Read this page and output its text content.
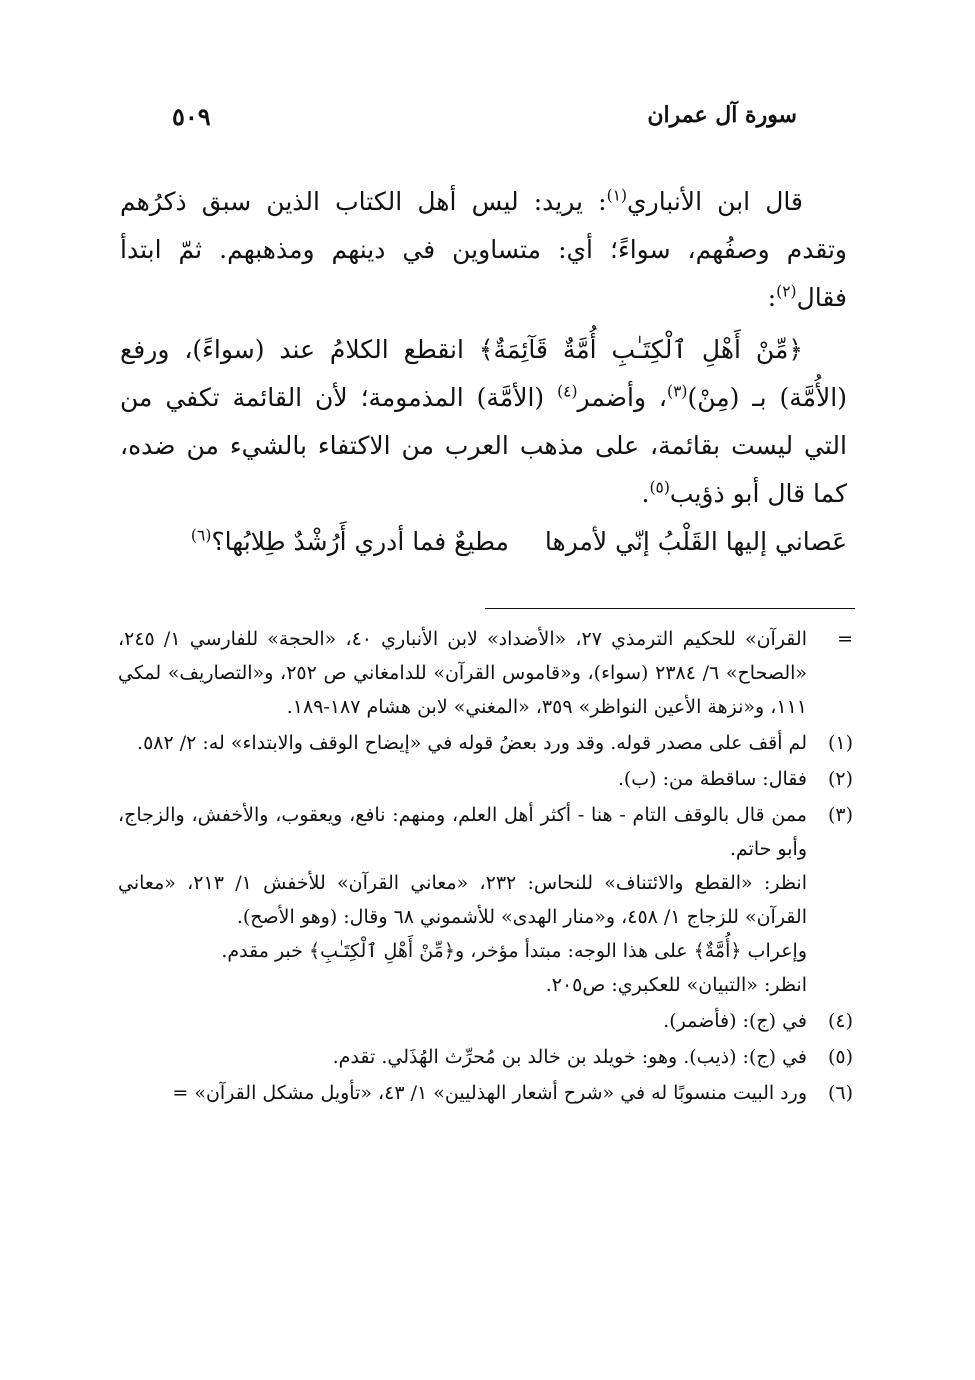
سورة آل عمران
٥٠٩

قال ابن الأنباري$^{(١)}$: يريد: ليس أهل الكتاب الذين سبق ذكرُهم وتقدم وصفُهم، سواءً؛ أي: متساوين في دينهم ومذهبهم. ثمّ ابتدأ فقال$^{(٢)}$:

﴿مِّنْ أَهْلِ ٱلْكِتَـٰبِ أُمَّةٌ قَآئِمَةٌ﴾ انقطع الكلامُ عند (سواءً)، ورفع (الأُمَّة) بـ (مِنْ)$^{(٣)}$، وأضمر$^{(٤)}$ (الأمَّة) المذمومة؛ لأن القائمة تكفي من التي ليست بقائمة، على مذهب العرب من الاكتفاء بالشيء من ضده، كما قال أبو ذؤيب$^{(٥)}$.

عَصاني إليها القَلْبُ إنّي لأمرهامطيعٌ فما أدري أَرُشْدٌ طِلابُها؟$^{(٦)}$

=

القرآن» للحكيم الترمذي ٢٧، «الأضداد» لابن الأنباري ٤٠، «الحجة» للفارسي ١/ ٢٤٥، «الصحاح» ٦/ ٢٣٨٤ (سواء)، و«قاموس القرآن» للدامغاني ص ٢٥٢، و«التصاريف» لمكي ١١١، و«نزهة الأعين النواظر» ٣٥٩، «المغني» لابن هشام ١٨٧-١٨٩.

(١)

لم أقف على مصدر قوله. وقد ورد بعضُ قوله في «إيضاح الوقف والابتداء» له: ٢/ ٥٨٢.

(٢)

فقال: ساقطة من: (ب).

(٣)

ممن قال بالوقف التام - هنا - أكثر أهل العلم، ومنهم: نافع، ويعقوب، والأخفش، والزجاج، وأبو حاتم.

انظر: «القطع والائتناف» للنحاس: ٢٣٢، «معاني القرآن» للأخفش ١/ ٢١٣، «معاني القرآن» للزجاج ١/ ٤٥٨، و«منار الهدى» للأشموني ٦٨ وقال: (وهو الأصح).

وإعراب ﴿أُمَّةٌ﴾ على هذا الوجه: مبتدأ مؤخر، و﴿مِّنْ أَهْلِ ٱلْكِتَـٰبِ﴾ خبر مقدم.

انظر: «التبيان» للعكبري: ص٢٠٥.

(٤)

في (ج): (فأضمر).

(٥)

في (ج): (ذيب). وهو: خويلد بن خالد بن مُحرِّث الهُذَلي. تقدم.

(٦)

ورد البيت منسوبًا له في «شرح أشعار الهذليين» ١/ ٤٣، «تأويل مشكل القرآن» =
